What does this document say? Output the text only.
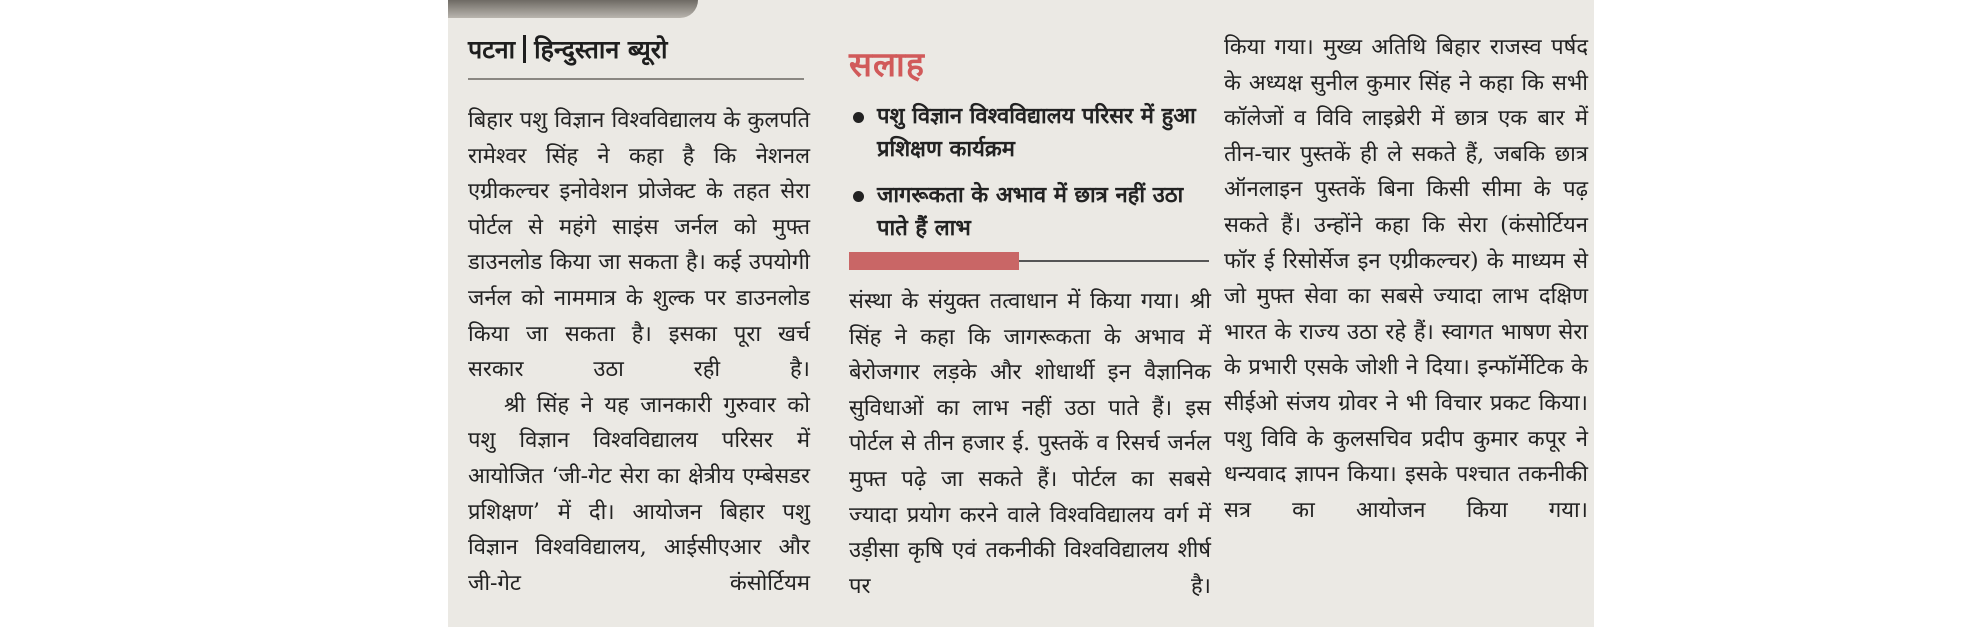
पटना हिन्दुस्तान ब्यूरो

बिहार पशु विज्ञान विश्वविद्यालय के कुलपति रामेश्वर सिंह ने कहा है कि नेशनल एग्रीकल्चर इनोवेशन प्रोजेक्ट के तहत सेरा पोर्टल से महंगे साइंस जर्नल को मुफ्त डाउनलोड किया जा सकता है। कई उपयोगी जर्नल को नाममात्र के शुल्क पर डाउनलोड किया जा सकता है। इसका पूरा खर्च सरकार उठा रही है।

श्री सिंह ने यह जानकारी गुरुवार को पशु विज्ञान विश्वविद्यालय परिसर में आयोजित ‘जी-गेट सेरा का क्षेत्रीय एम्बेसडर प्रशिक्षण’ में दी। आयोजन बिहार पशु विज्ञान विश्वविद्यालय, आईसीएआर और जी-गेट कंसोर्टियम

सलाह
पशु विज्ञान विश्वविद्यालय परिसर में हुआ प्रशिक्षण कार्यक्रम
जागरूकता के अभाव में छात्र नहीं उठा पाते हैं लाभ

संस्था के संयुक्त तत्वाधान में किया गया। श्री सिंह ने कहा कि जागरूकता के अभाव में बेरोजगार लड़के और शोधार्थी इन वैज्ञानिक सुविधाओं का लाभ नहीं उठा पाते हैं। इस पोर्टल से तीन हजार ई. पुस्तकें व रिसर्च जर्नल मुफ्त पढ़े जा सकते हैं। पोर्टल का सबसे ज्यादा प्रयोग करने वाले विश्वविद्यालय वर्ग में उड़ीसा कृषि एवं तकनीकी विश्वविद्यालय शीर्ष पर है।

किया गया। मुख्य अतिथि बिहार राजस्व पर्षद के अध्यक्ष सुनील कुमार सिंह ने कहा कि सभी कॉलेजों व विवि लाइब्रेरी में छात्र एक बार में तीन-चार पुस्तकें ही ले सकते हैं, जबकि छात्र ऑनलाइन पुस्तकें बिना किसी सीमा के पढ़ सकते हैं। उन्होंने कहा कि सेरा (कंसोर्टियन फॉर ई रिसोर्सेज इन एग्रीकल्चर) के माध्यम से जो मुफ्त सेवा का सबसे ज्यादा लाभ दक्षिण भारत के राज्य उठा रहे हैं। स्वागत भाषण सेरा के प्रभारी एसके जोशी ने दिया। इन्फॉर्मेटिक के सीईओ संजय ग्रोवर ने भी विचार प्रकट किया। पशु विवि के कुलसचिव प्रदीप कुमार कपूर ने धन्यवाद ज्ञापन किया। इसके पश्चात तकनीकी सत्र का आयोजन किया गया।
